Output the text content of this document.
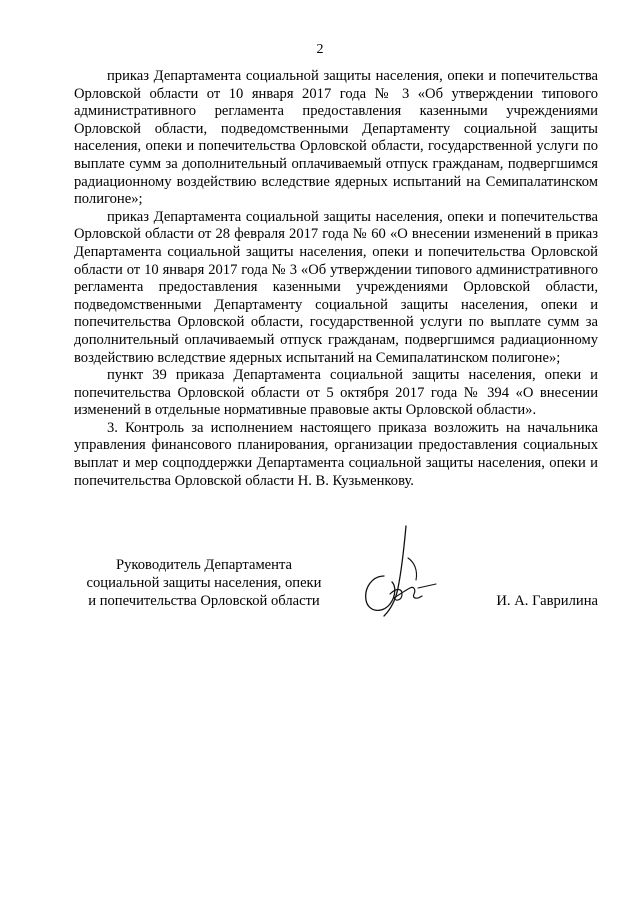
2

приказ Департамента социальной защиты населения, опеки и попечительства Орловской области от 10 января 2017 года № 3 «Об утверждении типового административного регламента предоставления казенными учреждениями Орловской области, подведомственными Департаменту социальной защиты населения, опеки и попечительства Орловской области, государственной услуги по выплате сумм за дополнительный оплачиваемый отпуск гражданам, подвергшимся радиационному воздействию вследствие ядерных испытаний на Семипалатинском полигоне»;

приказ Департамента социальной защиты населения, опеки и попечительства Орловской области от 28 февраля 2017 года № 60 «О внесении изменений в приказ Департамента социальной защиты населения, опеки и попечительства Орловской области от 10 января 2017 года № 3 «Об утверждении типового административного регламента предоставления казенными учреждениями Орловской области, подведомственными Департаменту социальной защиты населения, опеки и попечительства Орловской области, государственной услуги по выплате сумм за дополнительный оплачиваемый отпуск гражданам, подвергшимся радиационному воздействию вследствие ядерных испытаний на Семипалатинском полигоне»;

пункт 39 приказа Департамента социальной защиты населения, опеки и попечительства Орловской области от 5 октября 2017 года № 394 «О внесении изменений в отдельные нормативные правовые акты Орловской области».

3. Контроль за исполнением настоящего приказа возложить на начальника управления финансового планирования, организации предоставления социальных выплат и мер соцподдержки Департамента социальной защиты населения, опеки и попечительства Орловской области Н. В. Кузьменкову.

Руководитель Департамента
социальной защиты населения, опеки
и попечительства Орловской области	И. А. Гаврилина
